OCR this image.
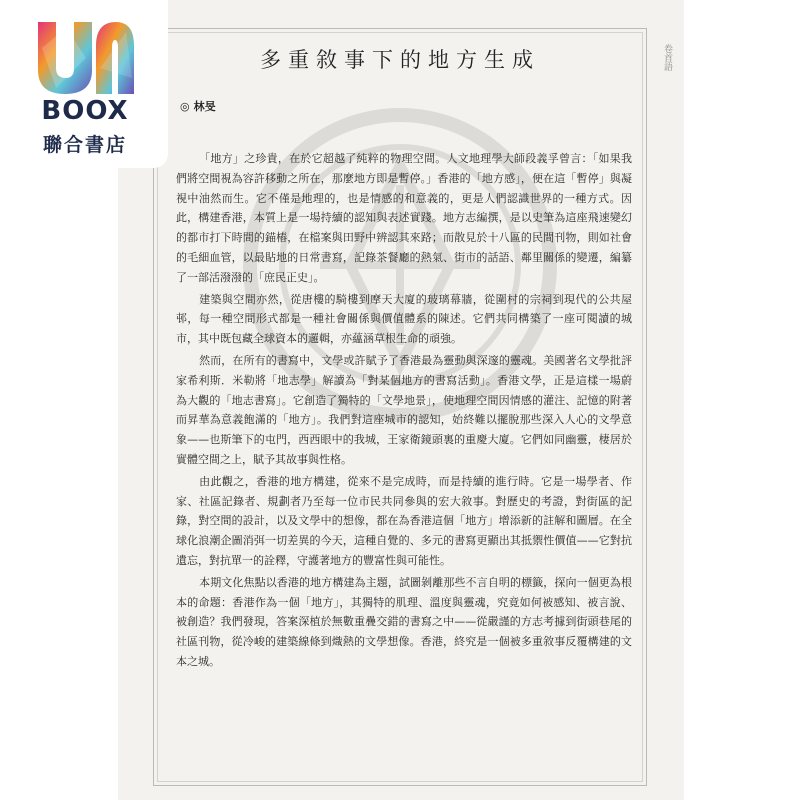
卷首語
多重敘事下的地方生成
◎ 林旻

「地方」之珍貴，在於它超越了純粹的物理空間。人文地理學大師段義孚曾言：「如果我們將空間視為容許移動之所在，那麼地方即是暫停。」香港的「地方感」，便在這「暫停」與凝視中油然而生。它不僅是地理的，也是情感的和意義的，更是人們認識世界的一種方式。因此，構建香港，本質上是一場持續的認知與表述實踐。地方志編撰，是以史筆為這座飛速變幻的都市打下時間的錨樁，在檔案與田野中辨認其來路；而散見於十八區的民間刊物，則如社會的毛細血管，以最貼地的日常書寫，記錄茶餐廳的熱氣、街市的話語、鄰里關係的變遷，編纂了一部活潑潑的「庶民正史」。

建築與空間亦然，從唐樓的騎樓到摩天大廈的玻璃幕牆，從圍村的宗祠到現代的公共屋邨，每一種空間形式都是一種社會關係與價值體系的陳述。它們共同構築了一座可閱讀的城市，其中既包藏全球資本的邏輯，亦蘊涵草根生命的頑強。

然而，在所有的書寫中，文學或許賦予了香港最為靈動與深邃的靈魂。美國著名文學批評家希利斯．米勒將「地志學」解讀為「對某個地方的書寫活動」。香港文學，正是這樣一場蔚為大觀的「地志書寫」。它創造了獨特的「文學地景」，使地理空間因情感的灌注、記憶的附著而昇華為意義飽滿的「地方」。我們對這座城市的認知，始終難以擺脫那些深入人心的文學意象——也斯筆下的屯門，西西眼中的我城，王家衛鏡頭裏的重慶大廈。它們如同幽靈，棲居於實體空間之上，賦予其故事與性格。

由此觀之，香港的地方構建，從來不是完成時，而是持續的進行時。它是一場學者、作家、社區記錄者、規劃者乃至每一位市民共同參與的宏大敘事。對歷史的考證，對街區的記錄，對空間的設計，以及文學中的想像，都在為香港這個「地方」增添新的註解和圖層。在全球化浪潮企圖消弭一切差異的今天，這種自覺的、多元的書寫更顯出其抵禦性價值——它對抗遺忘，對抗單一的詮釋，守護著地方的豐富性與可能性。

本期文化焦點以香港的地方構建為主題，試圖剝離那些不言自明的標籤，探向一個更為根本的命題：香港作為一個「地方」，其獨特的肌理、溫度與靈魂，究竟如何被感知、被言說、被創造？我們發現，答案深植於無數重疊交錯的書寫之中——從嚴謹的方志考據到街頭巷尾的社區刊物，從冷峻的建築線條到熾熱的文學想像。香港，終究是一個被多重敘事反覆構建的文本之城。

BOOX
聯合書店
